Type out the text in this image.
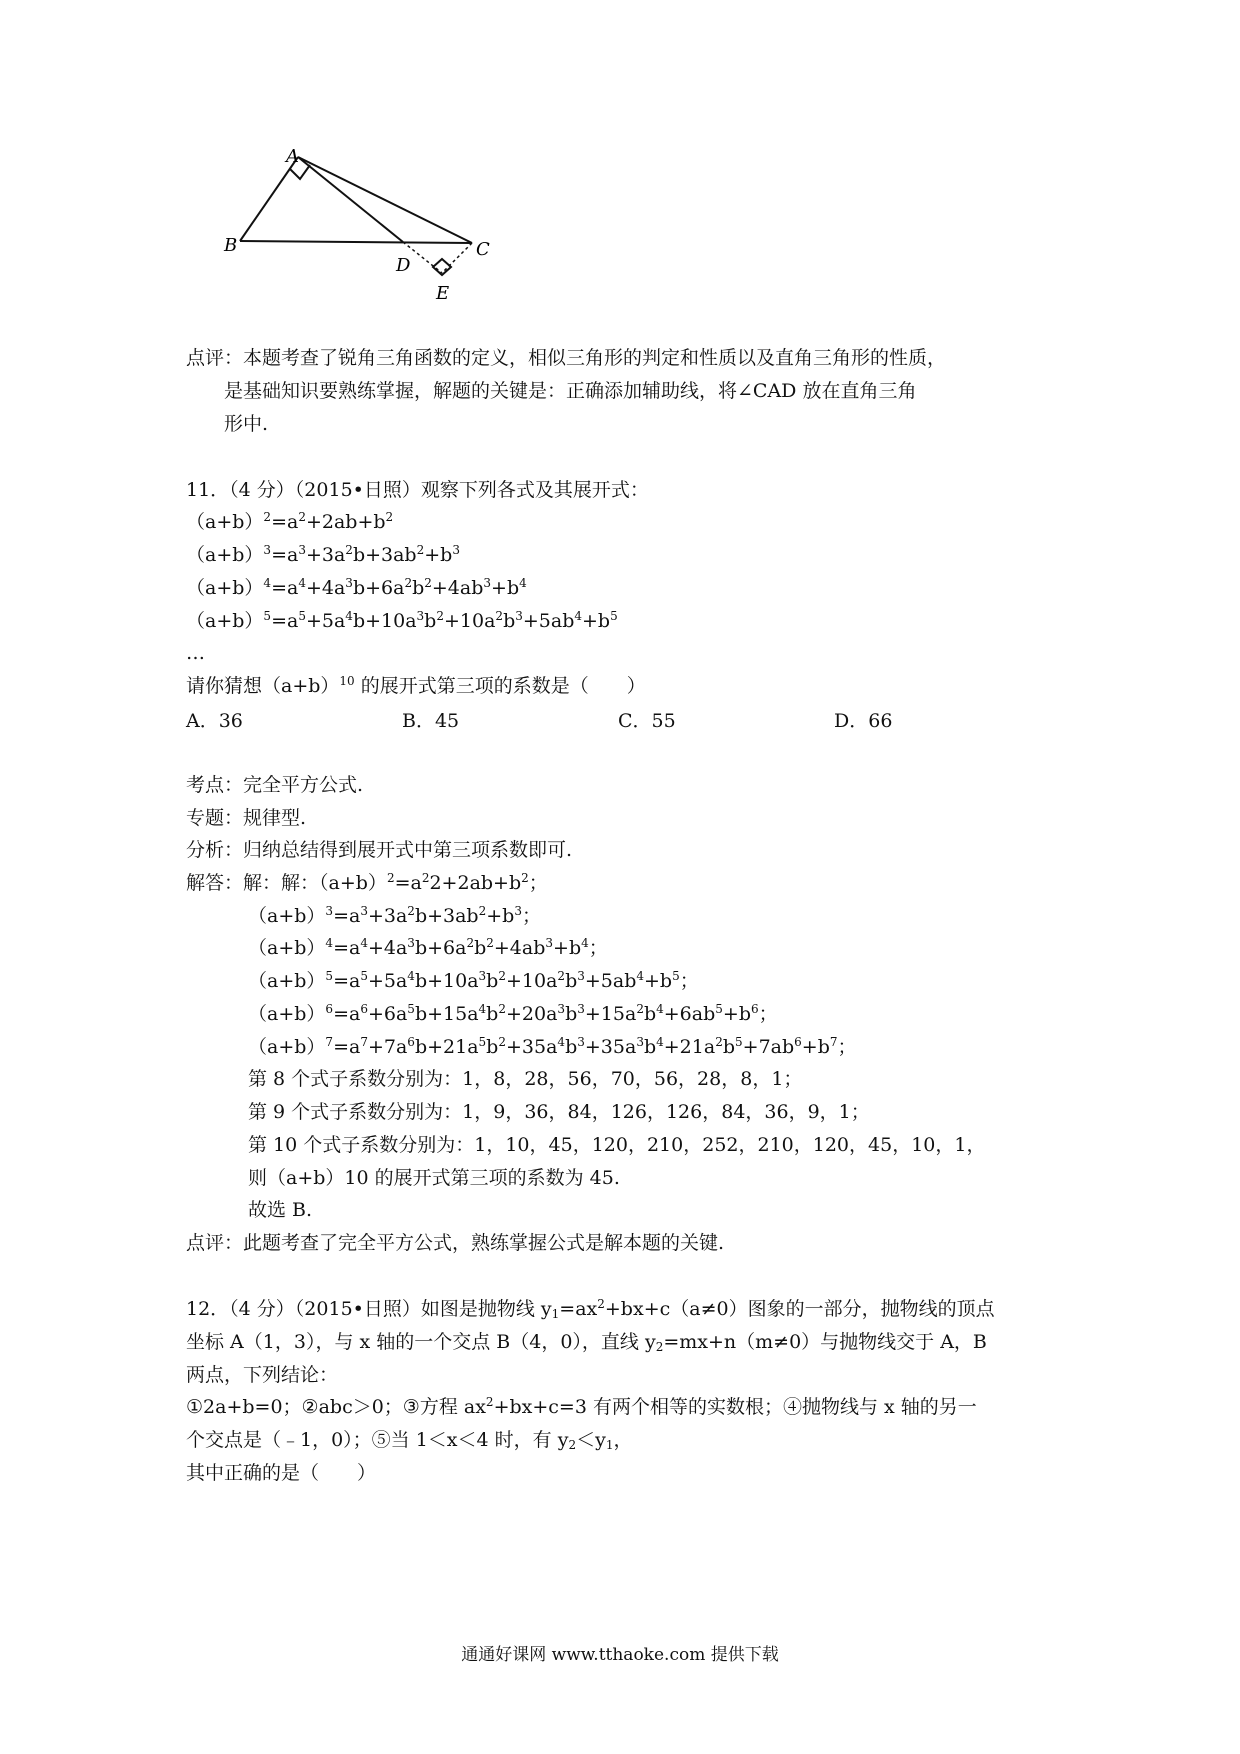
A
B	C
D
E
点评：本题考查了锐角三角函数的定义，相似三角形的判定和性质以及直角三角形的性质，
是基础知识要熟练掌握，解题的关键是：正确添加辅助线，将∠CAD 放在直角三角
形中.
11．（4 分）（2015•日照）观察下列各式及其展开式：
$(a+b)^2=a^2+2ab+b^2$
$(a+b)^3=a^3+3a^2b+3ab^2+b^3$
$(a+b)^4=a^4+4a^3b+6a^2b^2+4ab^3+b^4$
$(a+b)^5=a^5+5a^4b+10a^3b^2+10a^2b^3+5ab^4+b^5$
…
请你猜想$(a+b)^{10}$ 的展开式第三项的系数是（　　）
A．36	B．45	C．55	D．66
考点：完全平方公式.
专题：规律型.
分析：归纳总结得到展开式中第三项系数即可.
解答：解：解：$(a+b)^2=a^22+2ab+b^2$；
$(a+b)^3=a^3+3a^2b+3ab^2+b^3$；
$(a+b)^4=a^4+4a^3b+6a^2b^2+4ab^3+b^4$；
$(a+b)^5=a^5+5a^4b+10a^3b^2+10a^2b^3+5ab^4+b^5$；
$(a+b)^6=a^6+6a^5b+15a^4b^2+20a^3b^3+15a^2b^4+6ab^5+b^6$；
$(a+b)^7=a^7+7a^6b+21a^5b^2+35a^4b^3+35a^3b^4+21a^2b^5+7ab^6+b^7$；
第 8 个式子系数分别为：1，8，28，56，70，56，28，8，1；
第 9 个式子系数分别为：1，9，36，84，126，126，84，36，9，1；
第 10 个式子系数分别为：1，10，45，120，210，252，210，120，45，10，1，
则（a+b）10 的展开式第三项的系数为 45.
故选 B.
点评：此题考查了完全平方公式，熟练掌握公式是解本题的关键.
12．（4 分）（2015•日照）如图是抛物线 $y_1=ax^2+bx+c(a\ne 0)$图象的一部分，抛物线的顶点
坐标 A（1，3），与 x 轴的一个交点 B（4，0），直线 $y_2=mx+n(m\ne 0)$与抛物线交于 A，B
两点，下列结论：
①2a+b=0；②abc＞0；③方程 $ax^2+bx+c=3$ 有两个相等的实数根；④抛物线与 x 轴的另一
个交点是（﹣1，0）；⑤当 1＜x＜4 时，有 $y_2<y_1$，
其中正确的是（　　）
通通好课网 www.tthaoke.com 提供下载
